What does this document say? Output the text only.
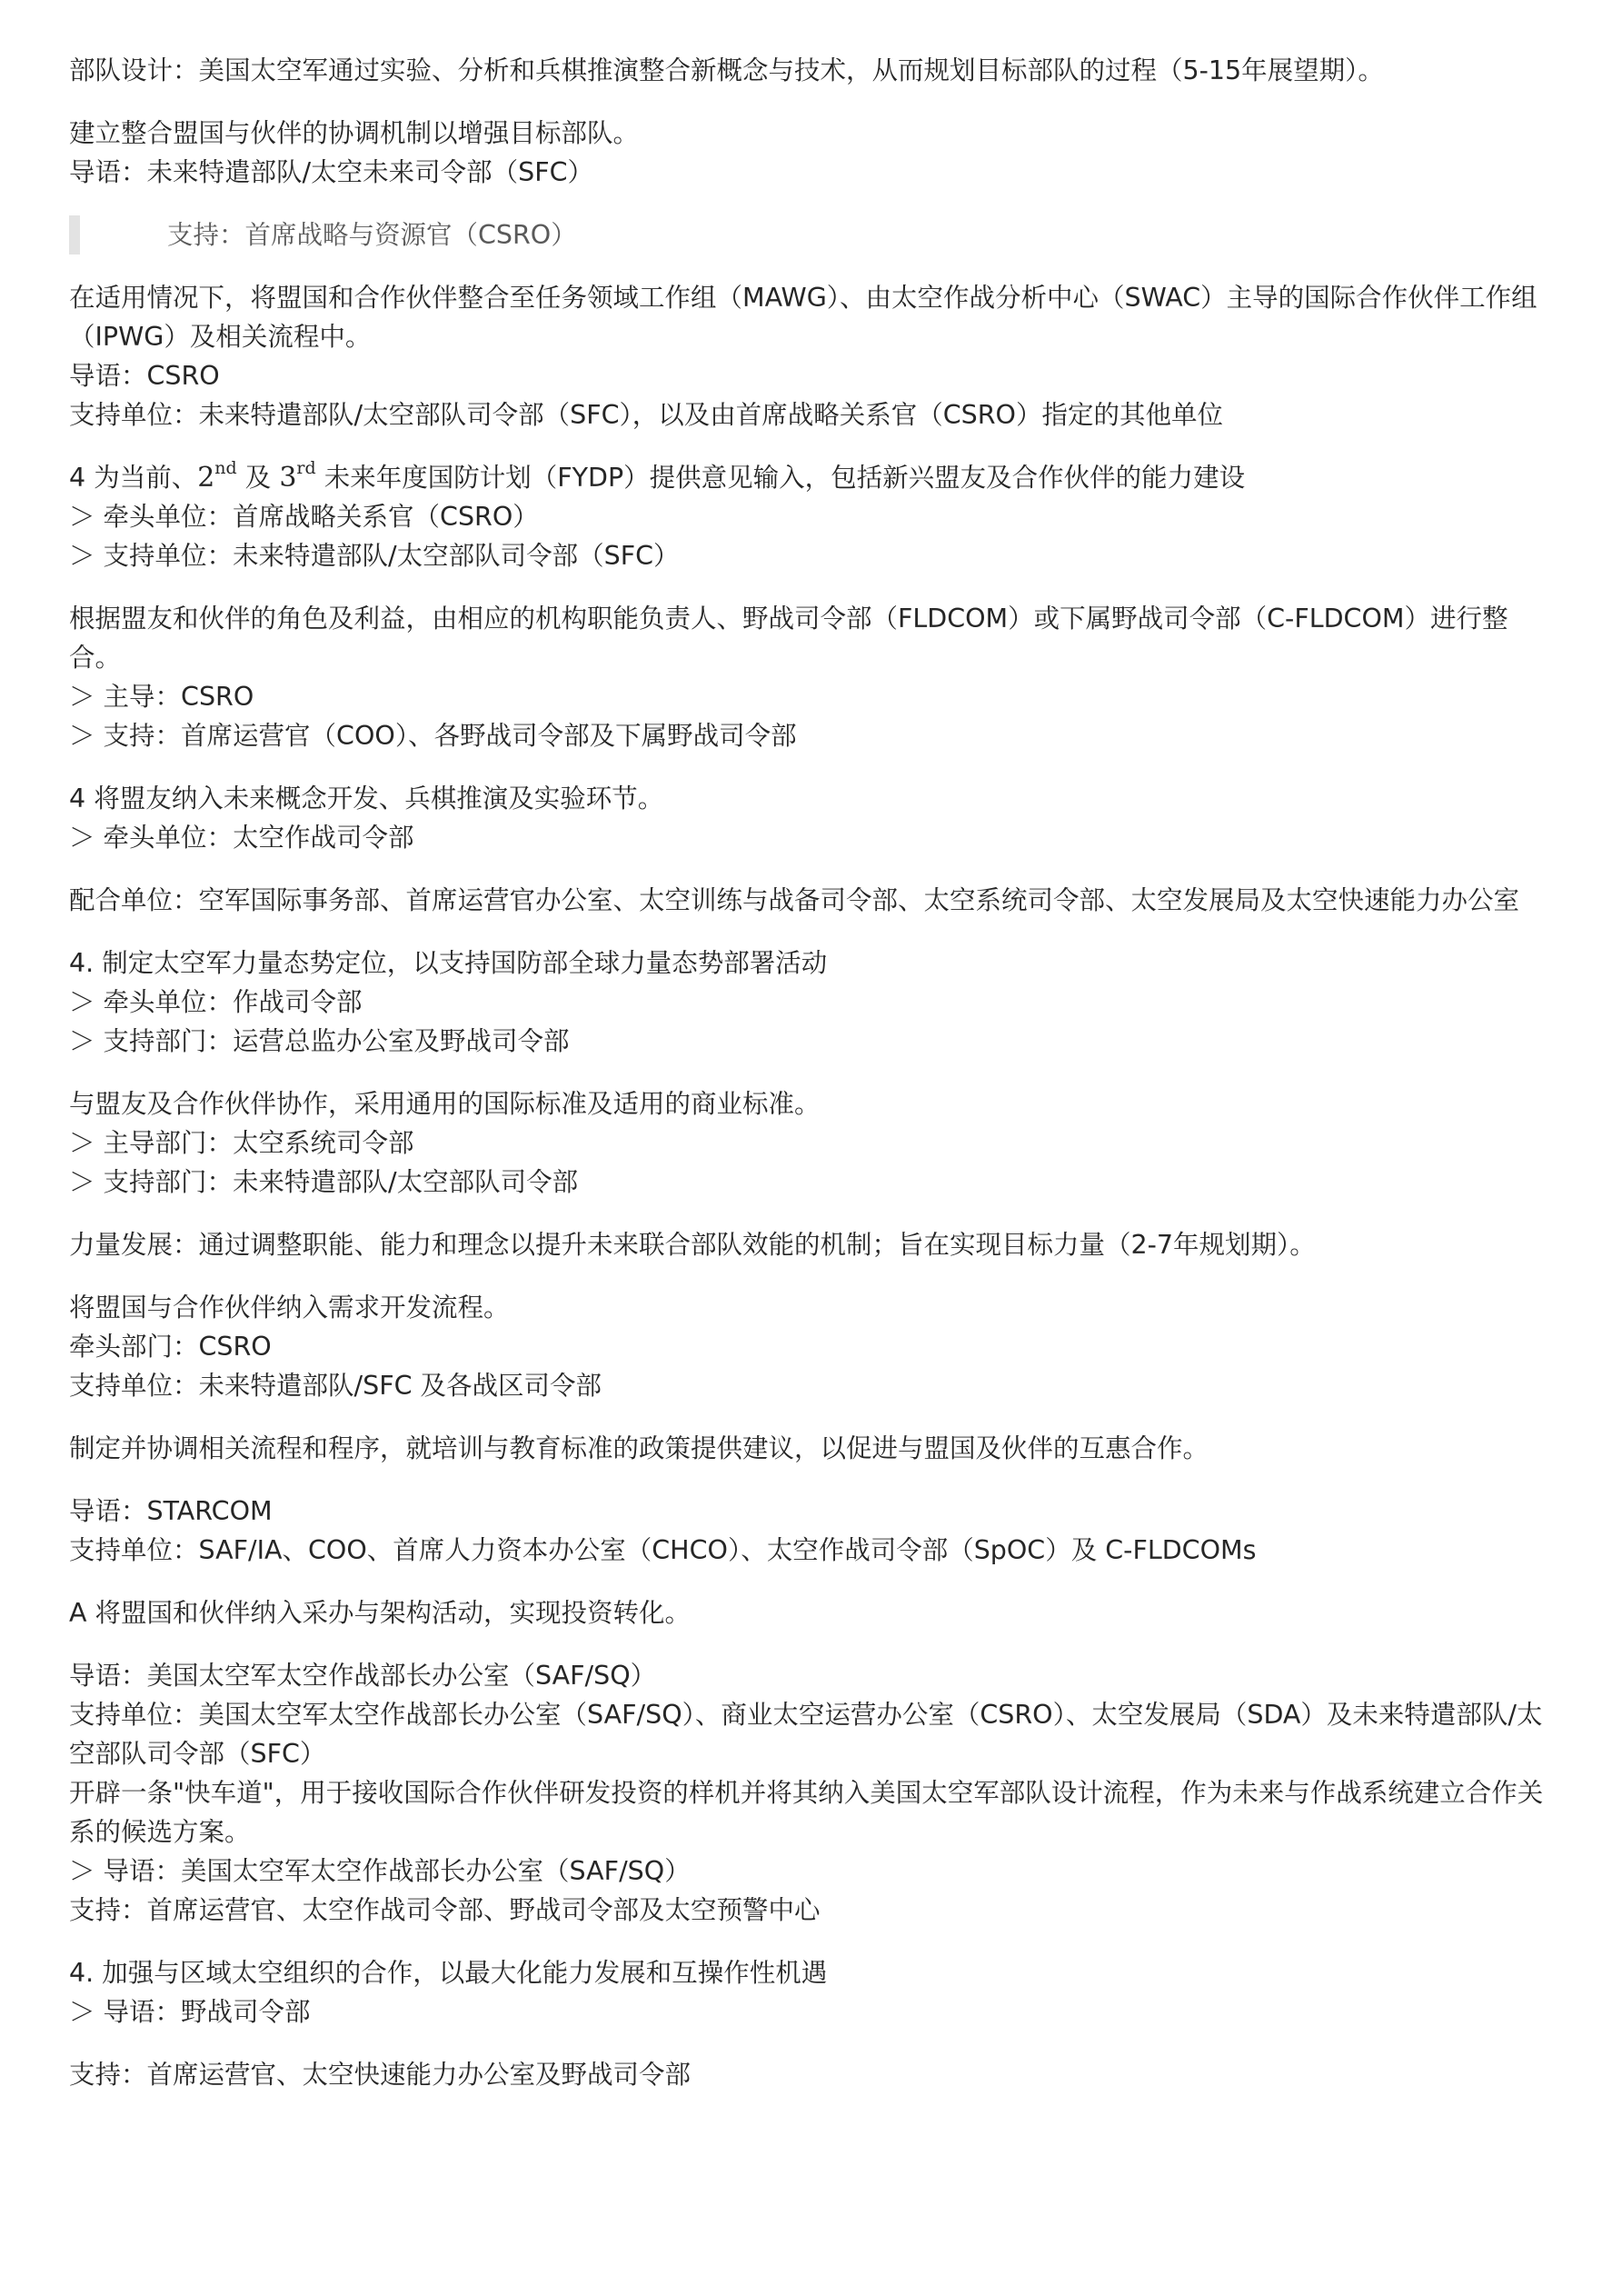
部队设计：美国太空军通过实验、分析和兵棋推演整合新概念与技术，从而规划目标部队的过程（5-15年展望期）。

建立整合盟国与伙伴的协调机制以增强目标部队。
导语：未来特遣部队/太空未来司令部（SFC）

支持：首席战略与资源官（CSRO）

在适用情况下，将盟国和合作伙伴整合至任务领域工作组（MAWG）、由太空作战分析中心（SWAC）主导的国际合作伙伴工作组（IPWG）及相关流程中。
导语：CSRO
支持单位：未来特遣部队/太空部队司令部（SFC），以及由首席战略关系官（CSRO）指定的其他单位

4 为当前、2nd 及 3rd 未来年度国防计划（FYDP）提供意见输入，包括新兴盟友及合作伙伴的能力建设
＞ 牵头单位：首席战略关系官（CSRO）
＞ 支持单位：未来特遣部队/太空部队司令部（SFC）

根据盟友和伙伴的角色及利益，由相应的机构职能负责人、野战司令部（FLDCOM）或下属野战司令部（C-FLDCOM）进行整合。
＞ 主导：CSRO
＞ 支持：首席运营官（COO）、各野战司令部及下属野战司令部

4 将盟友纳入未来概念开发、兵棋推演及实验环节。
＞ 牵头单位：太空作战司令部

配合单位：空军国际事务部、首席运营官办公室、太空训练与战备司令部、太空系统司令部、太空发展局及太空快速能力办公室

4. 制定太空军力量态势定位，以支持国防部全球力量态势部署活动
＞ 牵头单位：作战司令部
＞ 支持部门：运营总监办公室及野战司令部

与盟友及合作伙伴协作，采用通用的国际标准及适用的商业标准。
＞ 主导部门：太空系统司令部
＞ 支持部门：未来特遣部队/太空部队司令部

力量发展：通过调整职能、能力和理念以提升未来联合部队效能的机制；旨在实现目标力量（2-7年规划期）。

将盟国与合作伙伴纳入需求开发流程。
牵头部门：CSRO
支持单位：未来特遣部队/SFC 及各战区司令部

制定并协调相关流程和程序，就培训与教育标准的政策提供建议，以促进与盟国及伙伴的互惠合作。

导语：STARCOM
支持单位：SAF/IA、COO、首席人力资本办公室（CHCO）、太空作战司令部（SpOC）及 C-FLDCOMs

A 将盟国和伙伴纳入采办与架构活动，实现投资转化。

导语：美国太空军太空作战部长办公室（SAF/SQ）
支持单位：美国太空军太空作战部长办公室（SAF/SQ）、商业太空运营办公室（CSRO）、太空发展局（SDA）及未来特遣部队/太空部队司令部（SFC）
开辟一条"快车道"，用于接收国际合作伙伴研发投资的样机并将其纳入美国太空军部队设计流程，作为未来与作战系统建立合作关系的候选方案。
＞ 导语：美国太空军太空作战部长办公室（SAF/SQ）
支持：首席运营官、太空作战司令部、野战司令部及太空预警中心

4. 加强与区域太空组织的合作，以最大化能力发展和互操作性机遇
＞ 导语：野战司令部

支持：首席运营官、太空快速能力办公室及野战司令部
